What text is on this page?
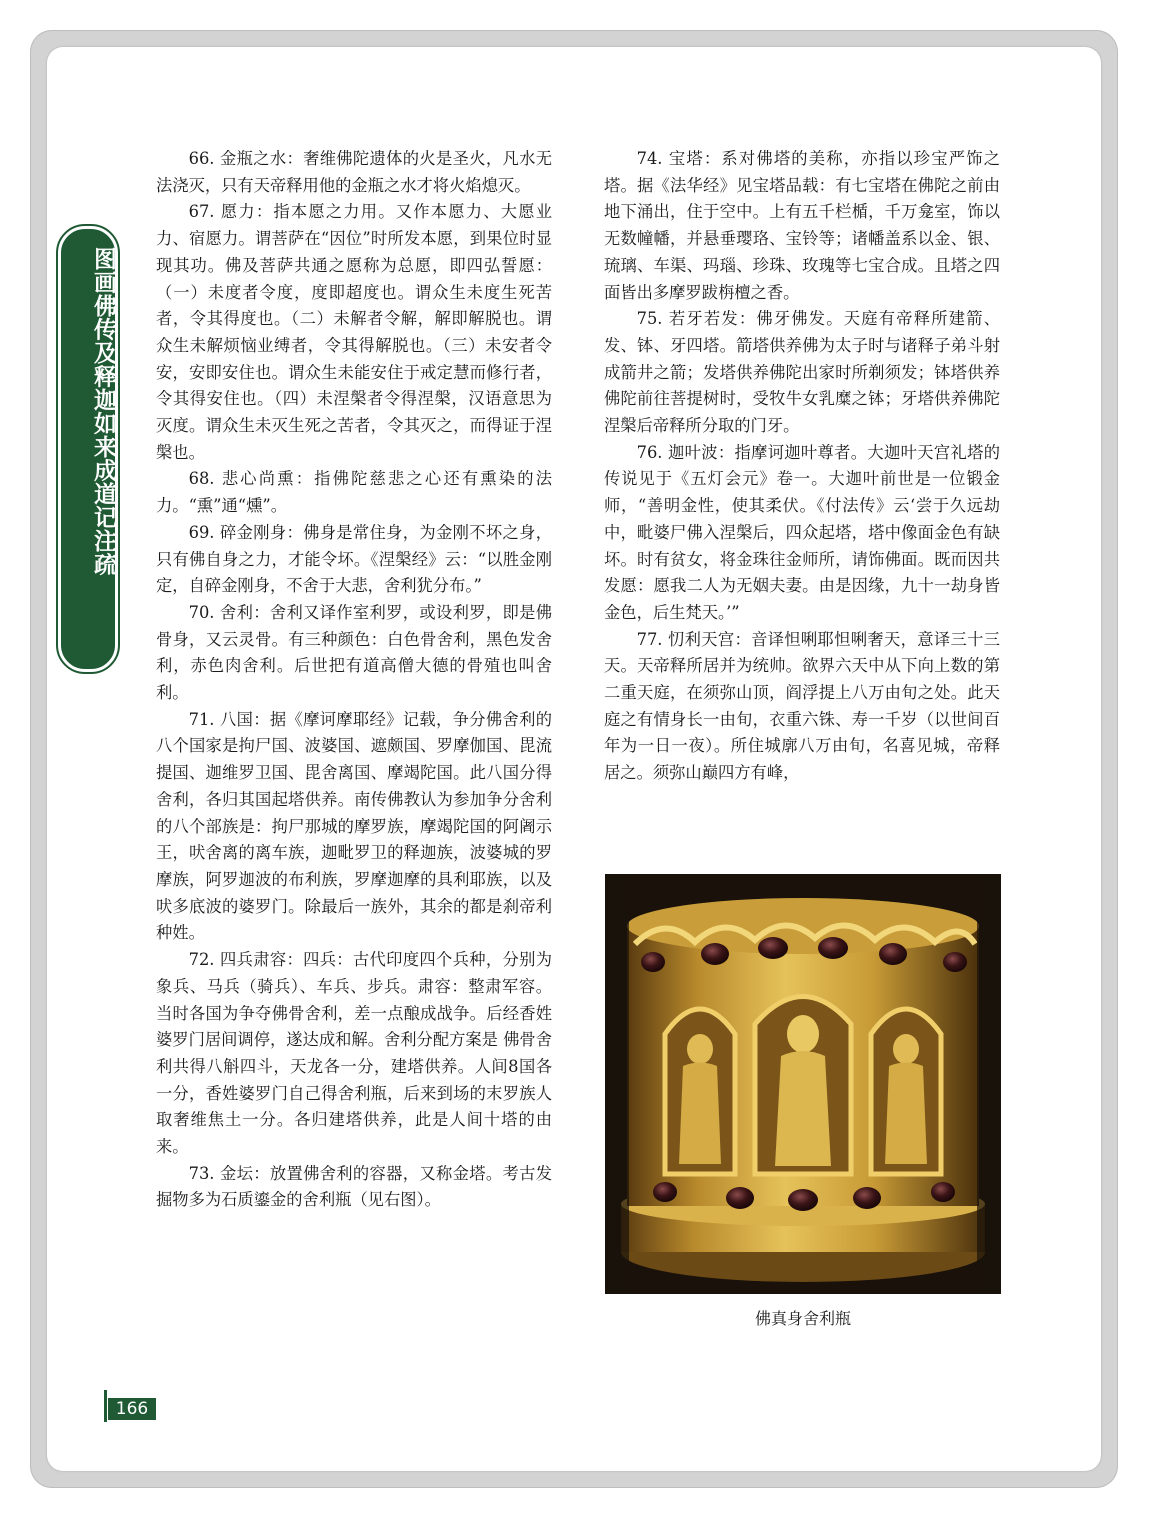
图画佛传及释迦如来成道记注疏

66. 金瓶之水：奢维佛陀遗体的火是圣火，凡水无法浇灭，只有天帝释用他的金瓶之水才将火焰熄灭。

67. 愿力：指本愿之力用。又作本愿力、大愿业力、宿愿力。谓菩萨在“因位”时所发本愿，到果位时显现其功。佛及菩萨共通之愿称为总愿，即四弘誓愿：（一）未度者令度，度即超度也。谓众生未度生死苦者，令其得度也。（二）未解者令解，解即解脱也。谓众生未解烦恼业缚者，令其得解脱也。（三）未安者令安，安即安住也。谓众生未能安住于戒定慧而修行者，令其得安住也。（四）未涅槃者令得涅槃，汉语意思为灭度。谓众生未灭生死之苦者，令其灭之，而得证于涅槃也。

68. 悲心尚熏：指佛陀慈悲之心还有熏染的法力。“熏”通“燻”。

69. 碎金刚身：佛身是常住身，为金刚不坏之身，只有佛自身之力，才能令坏。《涅槃经》云：“以胜金刚定，自碎金刚身，不舍于大悲，舍利犹分布。”

70. 舍利：舍利又译作室利罗，或设利罗，即是佛骨身，又云灵骨。有三种颜色：白色骨舍利，黑色发舍利，赤色肉舍利。后世把有道高僧大德的骨殖也叫舍利。

71. 八国：据《摩诃摩耶经》记载，争分佛舍利的八个国家是拘尸国、波婆国、遮颇国、罗摩伽国、毘流提国、迦维罗卫国、毘舍离国、摩竭陀国。此八国分得舍利，各归其国起塔供养。南传佛教认为参加争分舍利的八个部族是：拘尸那城的摩罗族，摩竭陀国的阿阇示王，吠舍离的离车族，迦毗罗卫的释迦族，波婆城的罗摩族，阿罗迦波的布利族，罗摩迦摩的具利耶族，以及吠多底波的婆罗门。除最后一族外，其余的都是刹帝利种姓。

72. 四兵肃容：四兵：古代印度四个兵种，分别为象兵、马兵（骑兵）、车兵、步兵。肃容：整肃军容。当时各国为争夺佛骨舍利，差一点酿成战争。后经香姓婆罗门居间调停，遂达成和解。舍利分配方案是 佛骨舍利共得八斛四斗，天龙各一分，建塔供养。人间8国各一分，香姓婆罗门自己得舍利瓶，后来到场的末罗族人取奢维焦土一分。各归建塔供养，此是人间十塔的由来。

73. 金坛：放置佛舍利的容器，又称金塔。考古发掘物多为石质鎏金的舍利瓶（见右图）。

74. 宝塔：系对佛塔的美称，亦指以珍宝严饰之塔。据《法华经》见宝塔品载：有七宝塔在佛陀之前由地下涌出，住于空中。上有五千栏楯，千万龛室，饰以无数幢幡，并悬垂璎珞、宝铃等；诸幡盖系以金、银、琉璃、车渠、玛瑙、珍珠、玫瑰等七宝合成。且塔之四面皆出多摩罗跋栴檀之香。

75. 若牙若发：佛牙佛发。天庭有帝释所建箭、发、钵、牙四塔。箭塔供养佛为太子时与诸释子弟斗射成箭井之箭；发塔供养佛陀出家时所剃须发；钵塔供养佛陀前往菩提树时，受牧牛女乳糜之钵；牙塔供养佛陀涅槃后帝释所分取的门牙。

76. 迦叶波：指摩诃迦叶尊者。大迦叶天宫礼塔的传说见于《五灯会元》卷一。大迦叶前世是一位锻金师，“善明金性，使其柔伏。《付法传》云‘尝于久远劫中，毗婆尸佛入涅槃后，四众起塔，塔中像面金色有缺坏。时有贫女，将金珠往金师所，请饰佛面。既而因共发愿：愿我二人为无姻夫妻。由是因缘，九十一劫身皆金色，后生梵天。’”

77. 忉利天宫：音译怛唎耶怛唎奢天，意译三十三天。天帝释所居并为统帅。欲界六天中从下向上数的第二重天庭，在须弥山顶，阎浮提上八万由旬之处。此天庭之有情身长一由旬，衣重六铢、寿一千岁（以世间百年为一日一夜）。所住城廓八万由旬，名喜见城，帝释居之。须弥山巅四方有峰，

佛真身舍利瓶
166
